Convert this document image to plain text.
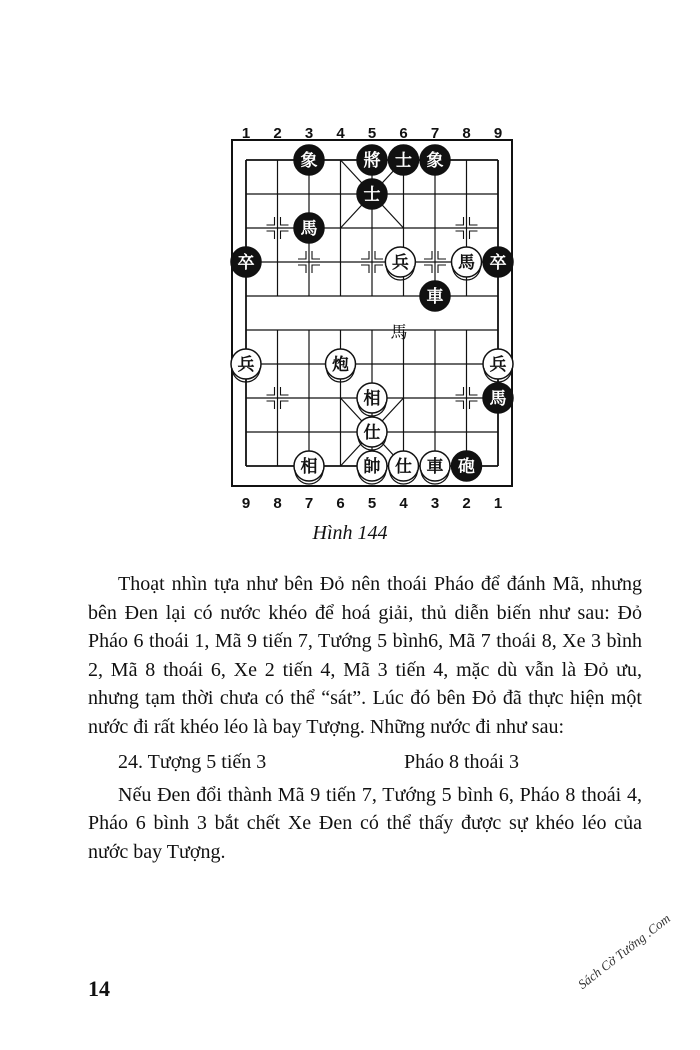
馬
1 2 3 4 5 6 7 8 9
9 8 7 6 5 4 3 2 1
象	將 士 象
士
馬
卒	兵	馬 卒
車
兵	炮	兵
相	馬
仕
相	帥 仕 車 砲
Hình 144

Thoạt nhìn tựa như bên Đỏ nên thoái Pháo để đánh Mã, nhưng bên Đen lại có nước khéo để hoá giải, thủ diễn biến như sau: Đỏ Pháo 6 thoái 1, Mã 9 tiến 7, Tướng 5 bình6, Mã 7 thoái 8, Xe 3 bình 2, Mã 8 thoái 6, Xe 2 tiến 4, Mã 3 tiến 4, mặc dù vẫn là Đỏ ưu, nhưng tạm thời chưa có thể “sát”. Lúc đó bên Đỏ đã thực hiện một nước đi rất khéo léo là bay Tượng. Những nước đi như sau:

24. Tượng 5 tiến 3	Pháo 8 thoái 3

Nếu Đen đổi thành Mã 9 tiến 7, Tướng 5 bình 6, Pháo 8 thoái 4, Pháo 6 bình 3 bắt chết Xe Đen có thể thấy được sự khéo léo của nước bay Tượng.

14	Sách Cờ Tướng .Com
